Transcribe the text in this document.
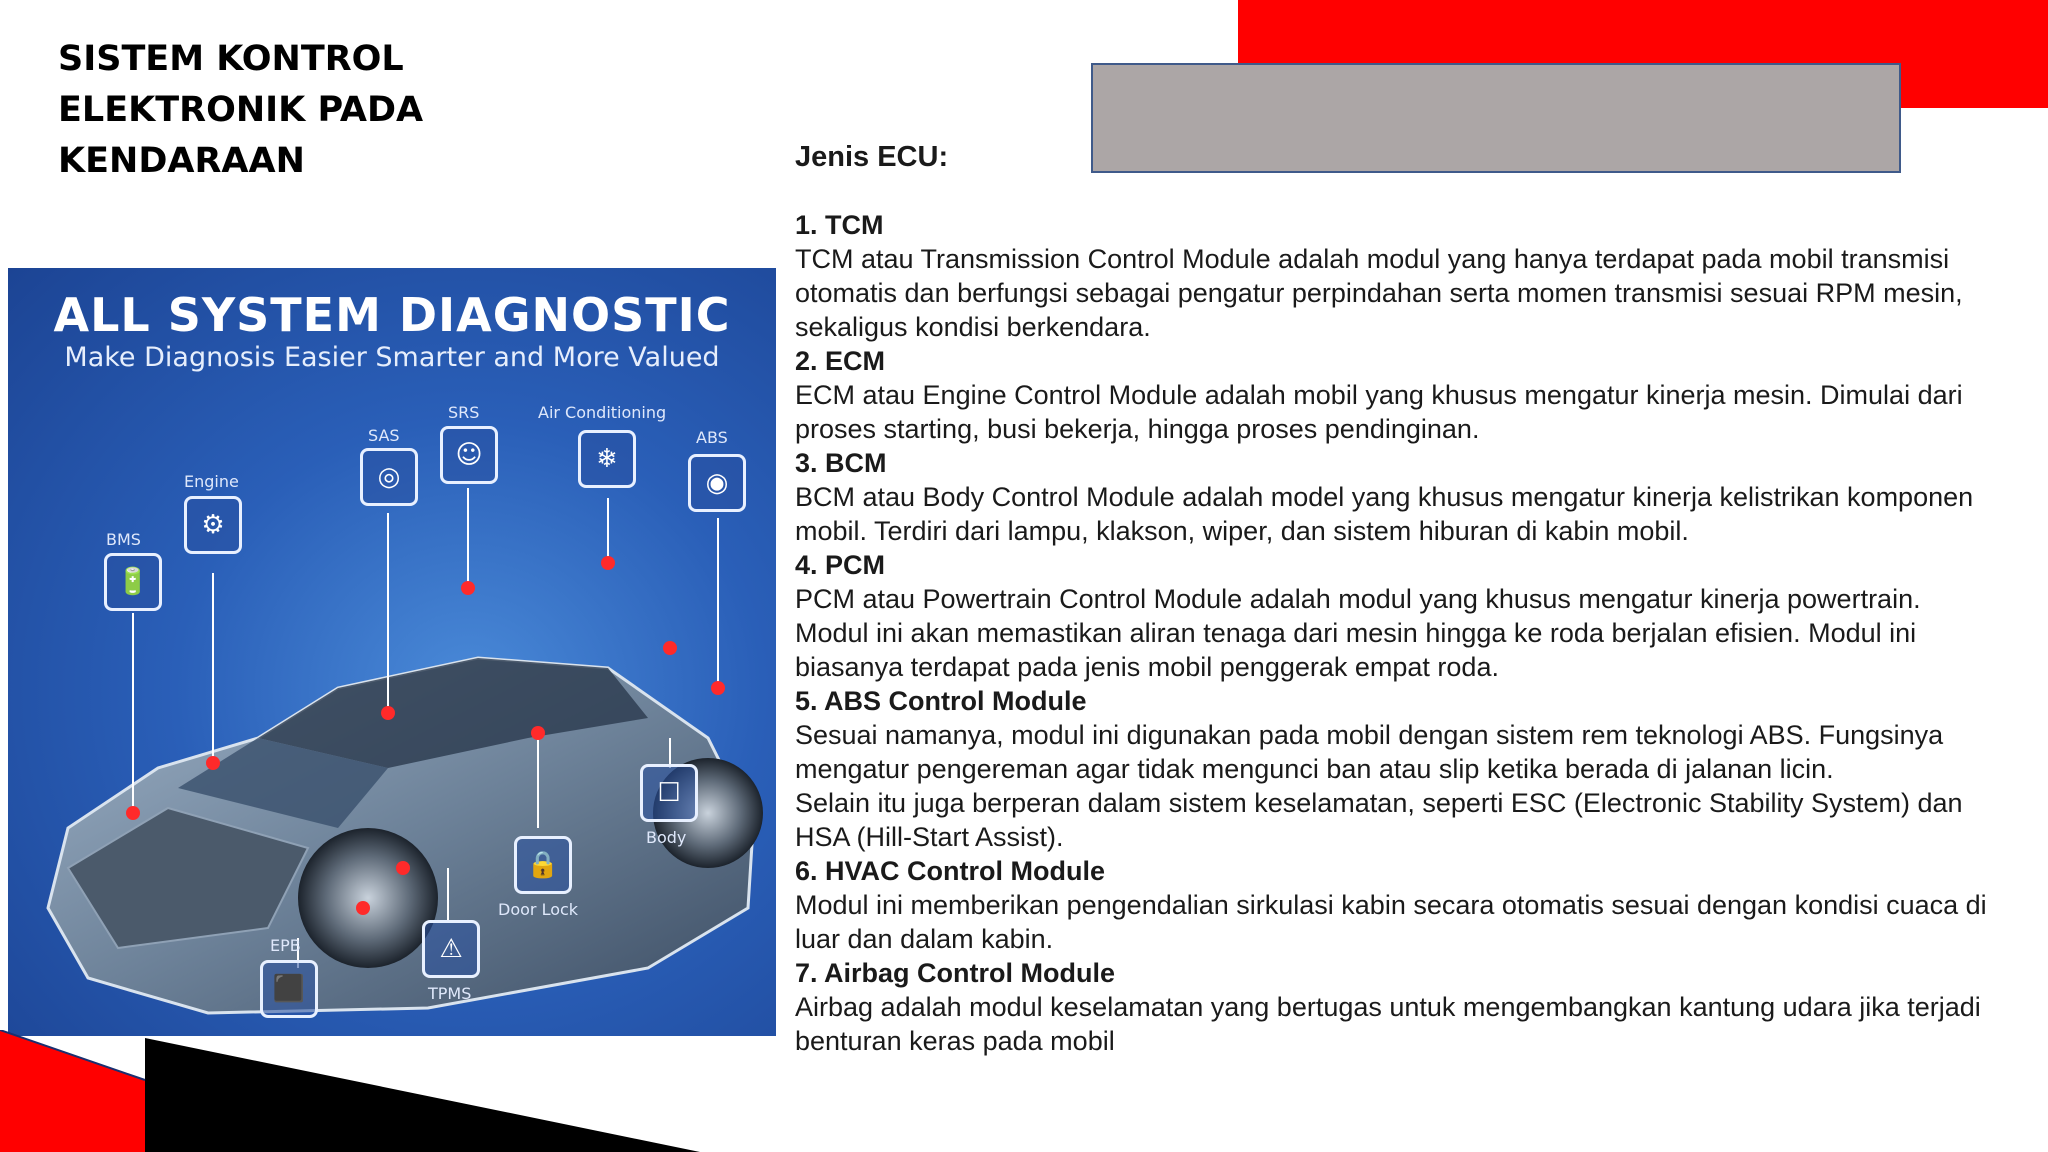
SISTEM KONTROL
ELEKTRONIK PADA
KENDARAAN
ALL SYSTEM DIAGNOSTIC
Make Diagnosis Easier Smarter and More Valued
BMS
🔋
Engine
⚙
SAS
◎
SRS
☺
Air Conditioning
❄
ABS
◉
☐
Body
🔒
Door Lock
⚠
TPMS
EPB
⬛
Jenis ECU:
1. TCM
TCM atau Transmission Control Module adalah modul yang hanya terdapat pada mobil transmisi otomatis dan berfungsi sebagai pengatur perpindahan serta momen transmisi sesuai RPM mesin, sekaligus kondisi berkendara.
2. ECM
ECM atau Engine Control Module adalah mobil yang khusus mengatur kinerja mesin. Dimulai dari proses starting, busi bekerja, hingga proses pendinginan.
3. BCM
BCM atau Body Control Module adalah model yang khusus mengatur kinerja kelistrikan komponen mobil. Terdiri dari lampu, klakson, wiper, dan sistem hiburan di kabin mobil.
4. PCM
PCM atau Powertrain Control Module adalah modul yang khusus mengatur kinerja powertrain. Modul ini akan memastikan aliran tenaga dari mesin hingga ke roda berjalan efisien. Modul ini biasanya terdapat pada jenis mobil penggerak empat roda.
5. ABS Control Module
Sesuai namanya, modul ini digunakan pada mobil dengan sistem rem teknologi ABS. Fungsinya mengatur pengereman agar tidak mengunci ban atau slip ketika berada di jalanan licin.
Selain itu juga berperan dalam sistem keselamatan, seperti ESC (Electronic Stability System) dan HSA (Hill-Start Assist).
6. HVAC Control Module
Modul ini memberikan pengendalian sirkulasi kabin secara otomatis sesuai dengan kondisi cuaca di luar dan dalam kabin.
7. Airbag Control Module
Airbag adalah modul keselamatan yang bertugas untuk mengembangkan kantung udara jika terjadi benturan keras pada mobil
